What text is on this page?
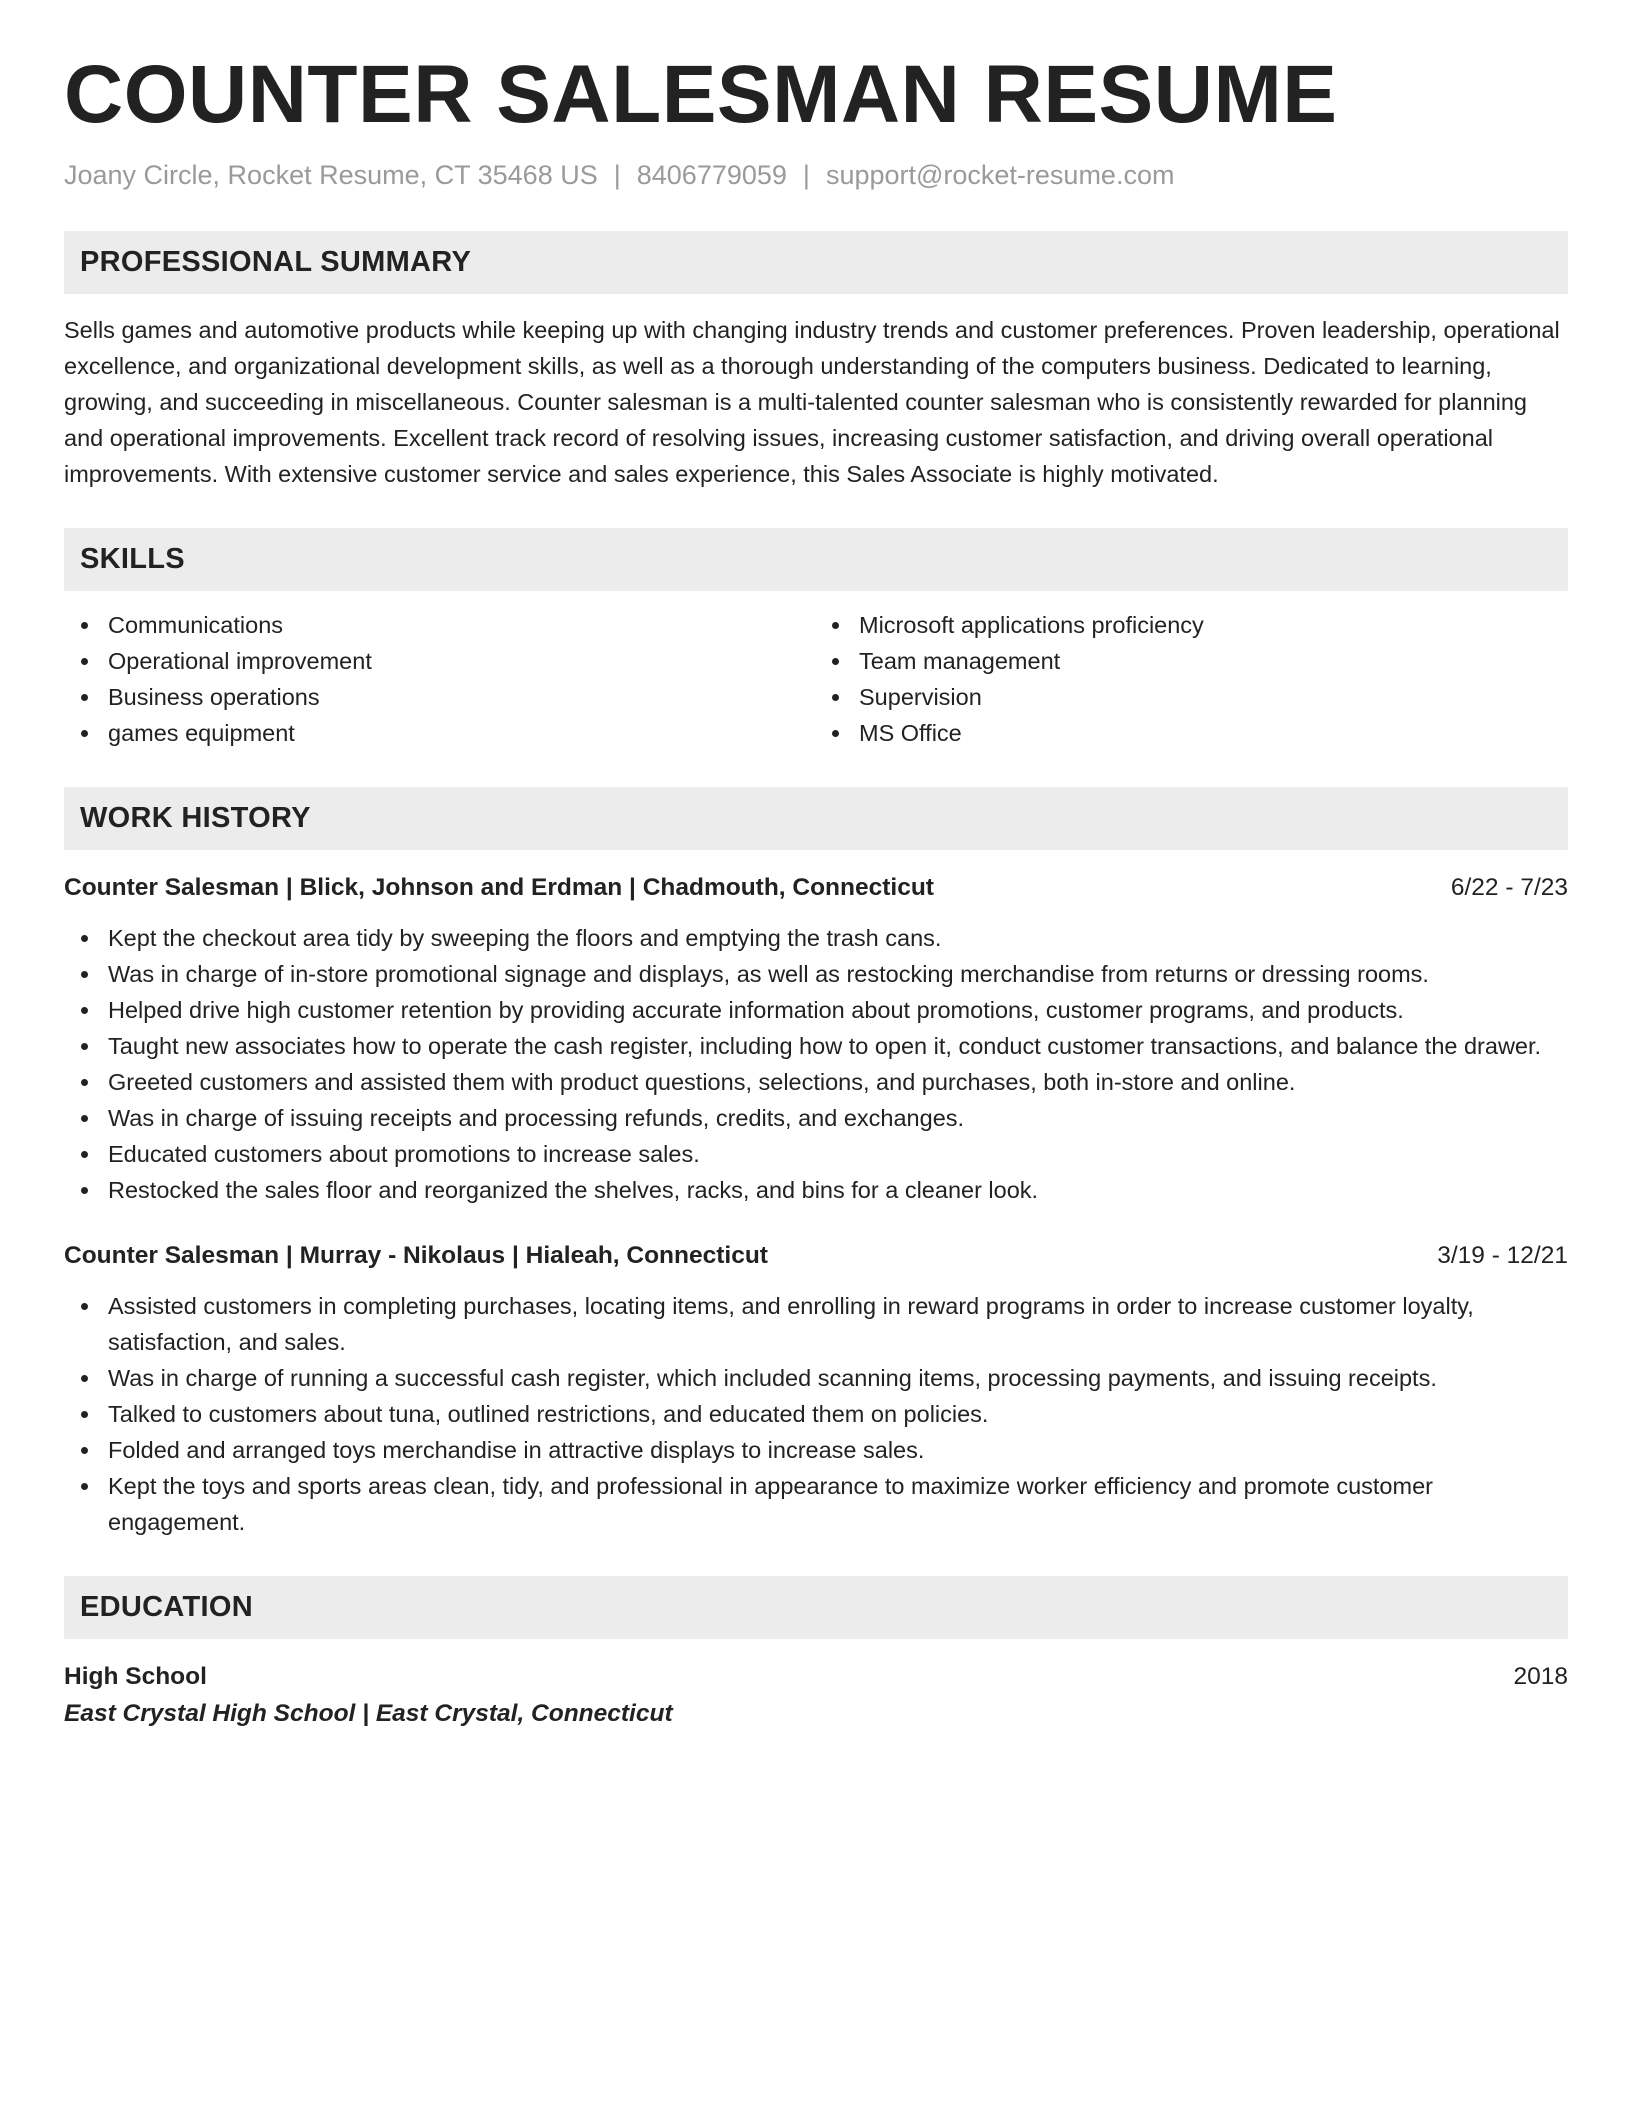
COUNTER SALESMAN RESUME
Joany Circle, Rocket Resume, CT 35468 US | 8406779059 | support@rocket-resume.com
PROFESSIONAL SUMMARY

Sells games and automotive products while keeping up with changing industry trends and customer preferences. Proven leadership, operational excellence, and organizational development skills, as well as a thorough understanding of the computers business. Dedicated to learning, growing, and succeeding in miscellaneous. Counter salesman is a multi-talented counter salesman who is consistently rewarded for planning and operational improvements. Excellent track record of resolving issues, increasing customer satisfaction, and driving overall operational improvements. With extensive customer service and sales experience, this Sales Associate is highly motivated.

SKILLS
Communications
Operational improvement
Business operations
games equipment
Microsoft applications proficiency
Team management
Supervision
MS Office
WORK HISTORY
Counter Salesman | Blick, Johnson and Erdman | Chadmouth, Connecticut	6/22 - 7/23
Kept the checkout area tidy by sweeping the floors and emptying the trash cans.
Was in charge of in-store promotional signage and displays, as well as restocking merchandise from returns or dressing rooms.
Helped drive high customer retention by providing accurate information about promotions, customer programs, and products.
Taught new associates how to operate the cash register, including how to open it, conduct customer transactions, and balance the drawer.
Greeted customers and assisted them with product questions, selections, and purchases, both in-store and online.
Was in charge of issuing receipts and processing refunds, credits, and exchanges.
Educated customers about promotions to increase sales.
Restocked the sales floor and reorganized the shelves, racks, and bins for a cleaner look.
Counter Salesman | Murray - Nikolaus | Hialeah, Connecticut	3/19 - 12/21
Assisted customers in completing purchases, locating items, and enrolling in reward programs in order to increase customer loyalty, satisfaction, and sales.
Was in charge of running a successful cash register, which included scanning items, processing payments, and issuing receipts.
Talked to customers about tuna, outlined restrictions, and educated them on policies.
Folded and arranged toys merchandise in attractive displays to increase sales.
Kept the toys and sports areas clean, tidy, and professional in appearance to maximize worker efficiency and promote customer engagement.
EDUCATION
High School	2018
East Crystal High School | East Crystal, Connecticut
